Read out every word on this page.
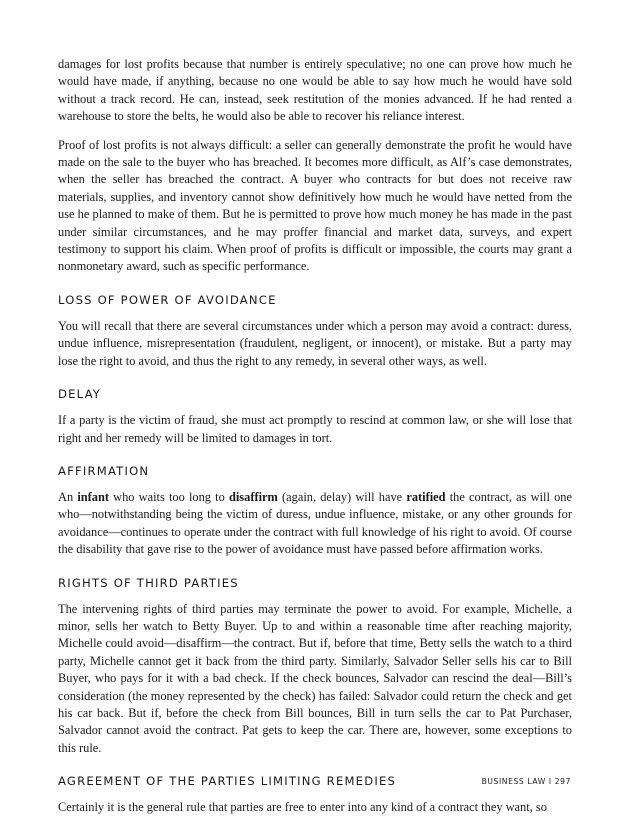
damages for lost profits because that number is entirely speculative; no one can prove how much he would have made, if anything, because no one would be able to say how much he would have sold without a track record. He can, instead, seek restitution of the monies advanced. If he had rented a warehouse to store the belts, he would also be able to recover his reliance interest.

Proof of lost profits is not always difficult: a seller can generally demonstrate the profit he would have made on the sale to the buyer who has breached. It becomes more difficult, as Alf’s case demonstrates, when the seller has breached the contract. A buyer who contracts for but does not receive raw materials, supplies, and inventory cannot show definitively how much he would have netted from the use he planned to make of them. But he is permitted to prove how much money he has made in the past under similar circumstances, and he may proffer financial and market data, surveys, and expert testimony to support his claim. When proof of profits is difficult or impossible, the courts may grant a nonmonetary award, such as specific performance.

LOSS OF POWER OF AVOIDANCE

You will recall that there are several circumstances under which a person may avoid a contract: duress, undue influence, misrepresentation (fraudulent, negligent, or innocent), or mistake. But a party may lose the right to avoid, and thus the right to any remedy, in several other ways, as well.

DELAY

If a party is the victim of fraud, she must act promptly to rescind at common law, or she will lose that right and her remedy will be limited to damages in tort.

AFFIRMATION

An infant who waits too long to disaffirm (again, delay) will have ratified the contract, as will one who—notwithstanding being the victim of duress, undue influence, mistake, or any other grounds for avoidance—continues to operate under the contract with full knowledge of his right to avoid. Of course the disability that gave rise to the power of avoidance must have passed before affirmation works.

RIGHTS OF THIRD PARTIES

The intervening rights of third parties may terminate the power to avoid. For example, Michelle, a minor, sells her watch to Betty Buyer. Up to and within a reasonable time after reaching majority, Michelle could avoid—disaffirm—the contract. But if, before that time, Betty sells the watch to a third party, Michelle cannot get it back from the third party. Similarly, Salvador Seller sells his car to Bill Buyer, who pays for it with a bad check. If the check bounces, Salvador can rescind the deal—Bill’s consideration (the money represented by the check) has failed: Salvador could return the check and get his car back. But if, before the check from Bill bounces, Bill in turn sells the car to Pat Purchaser, Salvador cannot avoid the contract. Pat gets to keep the car. There are, however, some exceptions to this rule.

AGREEMENT OF THE PARTIES LIMITING REMEDIES

Certainly it is the general rule that parties are free to enter into any kind of a contract they want, so

BUSINESS LAW I 297
